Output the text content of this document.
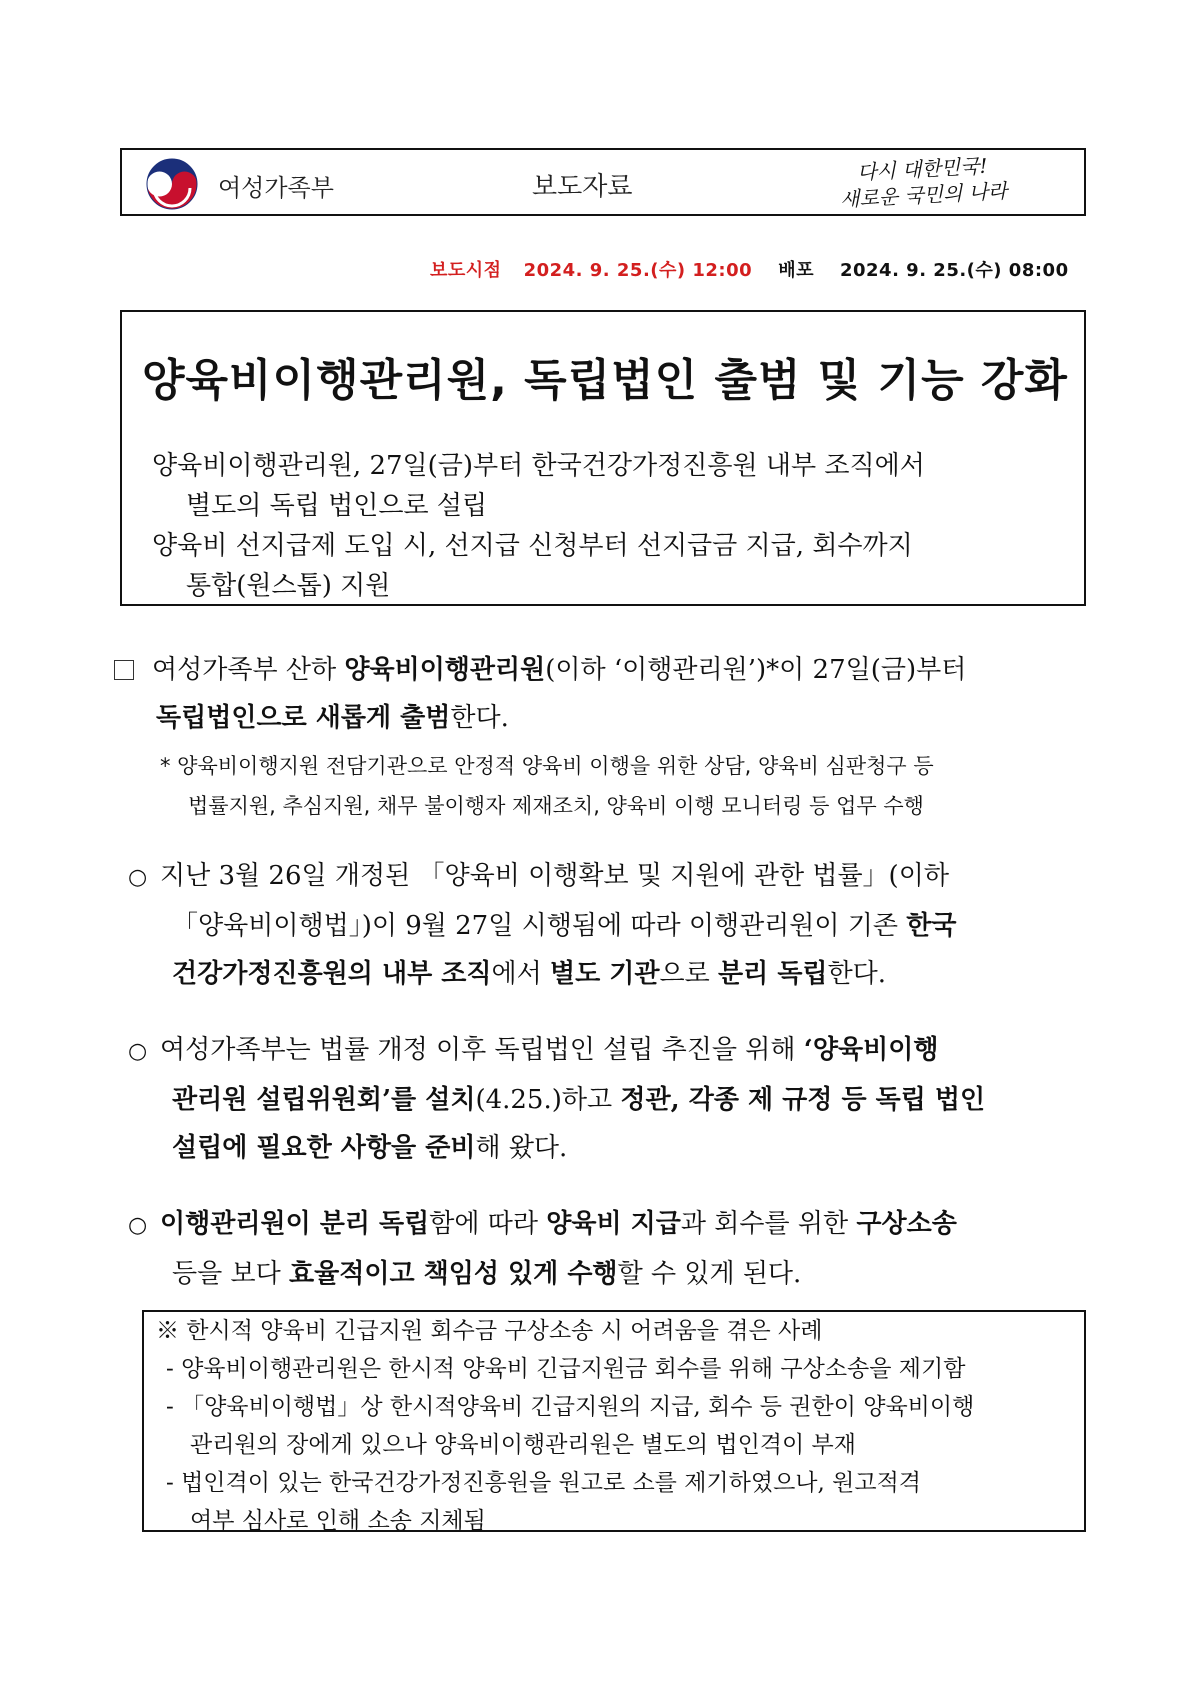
여성가족부	보도자료
다시 대한민국!
새로운 국민의 나라
보도시점 2024. 9. 25.(수) 12:00 배포 2024. 9. 25.(수) 08:00
양육비이행관리원, 독립법인 출범 및 기능 강화
양육비이행관리원, 27일(금)부터 한국건강가정진흥원 내부 조직에서
별도의 독립 법인으로 설립
양육비 선지급제 도입 시, 선지급 신청부터 선지급금 지급, 회수까지
통합(원스톱) 지원
여성가족부 산하 양육비이행관리원(이하 ‘이행관리원’)*이 27일(금)부터
독립법인으로 새롭게 출범한다.
* 양육비이행지원 전담기관으로 안정적 양육비 이행을 위한 상담, 양육비 심판청구 등
법률지원, 추심지원, 채무 불이행자 제재조치, 양육비 이행 모니터링 등 업무 수행
○ 지난 3월 26일 개정된 「양육비 이행확보 및 지원에 관한 법률」(이하
「양육비이행법」)이 9월 27일 시행됨에 따라 이행관리원이 기존 한국
건강가정진흥원의 내부 조직에서 별도 기관으로 분리 독립한다.
○ 여성가족부는 법률 개정 이후 독립법인 설립 추진을 위해 ‘양육비이행
관리원 설립위원회’를 설치(4.25.)하고 정관, 각종 제 규정 등 독립 법인
설립에 필요한 사항을 준비해 왔다.
○ 이행관리원이 분리 독립함에 따라 양육비 지급과 회수를 위한 구상소송
등을 보다 효율적이고 책임성 있게 수행할 수 있게 된다.
※ 한시적 양육비 긴급지원 회수금 구상소송 시 어려움을 겪은 사례
- 양육비이행관리원은 한시적 양육비 긴급지원금 회수를 위해 구상소송을 제기함
- 「양육비이행법」상 한시적양육비 긴급지원의 지급, 회수 등 권한이 양육비이행
관리원의 장에게 있으나 양육비이행관리원은 별도의 법인격이 부재
- 법인격이 있는 한국건강가정진흥원을 원고로 소를 제기하였으나, 원고적격
여부 심사로 인해 소송 지체됨
